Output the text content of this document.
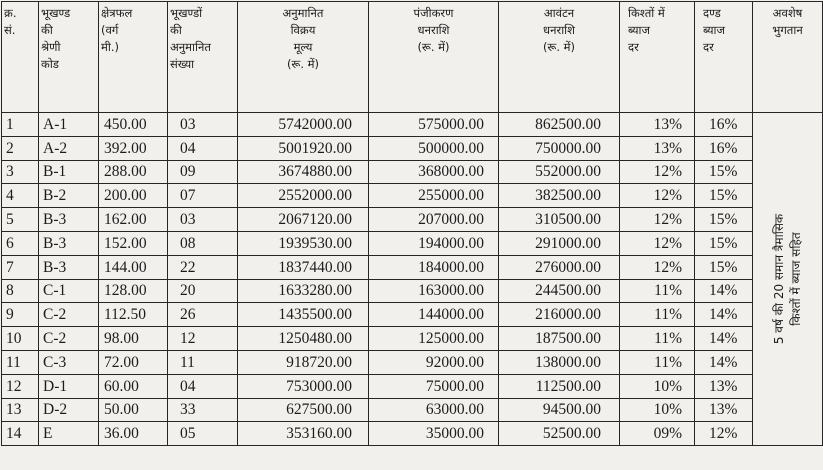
क्र.
सं.	भूखण्ड
की
श्रेणी
कोड	क्षेत्रफल
(वर्ग
मी.)	भूखण्डों
की
अनुमानित
संख्या	अनुमानित
विक्रय
मूल्य
(रू. में)	पंजीकरण
धनराशि
(रू. में)	आवंटन
धनराशि
(रू. में)	किश्तों में
ब्याज
दर	दण्ड
ब्याज
दर	अवशेष
भुगतान

1	A-1	450.00	03	5742000.00	575000.00	862500.00	13%	16%	5 वर्ष की 20 समान त्रैमासिक किश्तों में ब्याज सहित

2	A-2	392.00	04	5001920.00	500000.00	750000.00	13%	16%	
3	B-1	288.00	09	3674880.00	368000.00	552000.00	12%	15%	
4	B-2	200.00	07	2552000.00	255000.00	382500.00	12%	15%	
5	B-3	162.00	03	2067120.00	207000.00	310500.00	12%	15%	
6	B-3	152.00	08	1939530.00	194000.00	291000.00	12%	15%	
7	B-3	144.00	22	1837440.00	184000.00	276000.00	12%	15%	
8	C-1	128.00	20	1633280.00	163000.00	244500.00	11%	14%	
9	C-2	112.50	26	1435500.00	144000.00	216000.00	11%	14%	
10	C-2	98.00	12	1250480.00	125000.00	187500.00	11%	14%	
11	C-3	72.00	11	918720.00	92000.00	138000.00	11%	14%	
12	D-1	60.00	04	753000.00	75000.00	112500.00	10%	13%	
13	D-2	50.00	33	627500.00	63000.00	94500.00	10%	13%	
14	E	36.00	05	353160.00	35000.00	52500.00	09%	12%	
